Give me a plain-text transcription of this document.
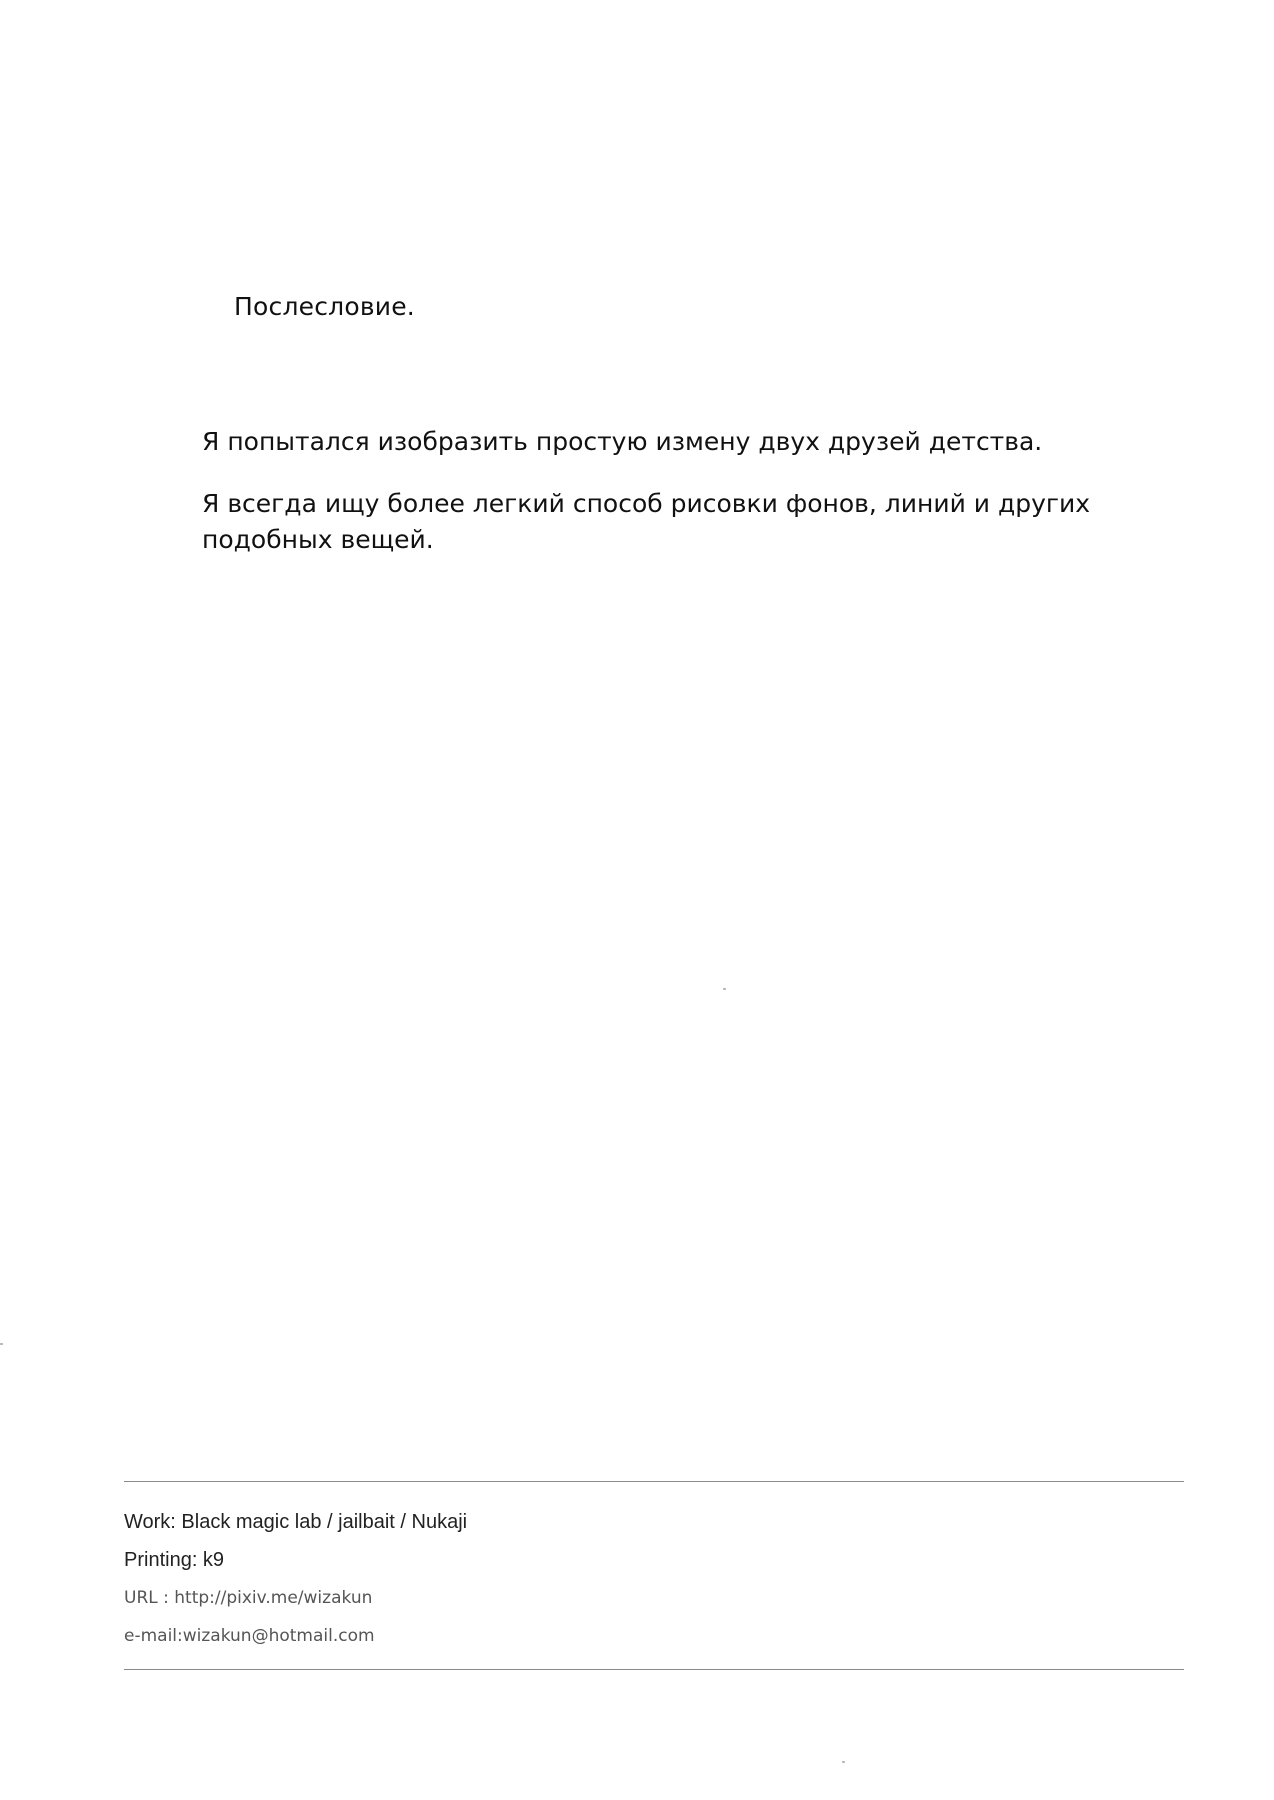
Послесловие.

Я попытался изобразить простую измену двух друзей детства.

Я всегда ищу более легкий способ рисовки фонов, линий и других подобных вещей.

Work: Black magic lab / jailbait / Nukaji
Printing: k9
URL : http://pixiv.me/wizakun
e-mail:wizakun@hotmail.com
